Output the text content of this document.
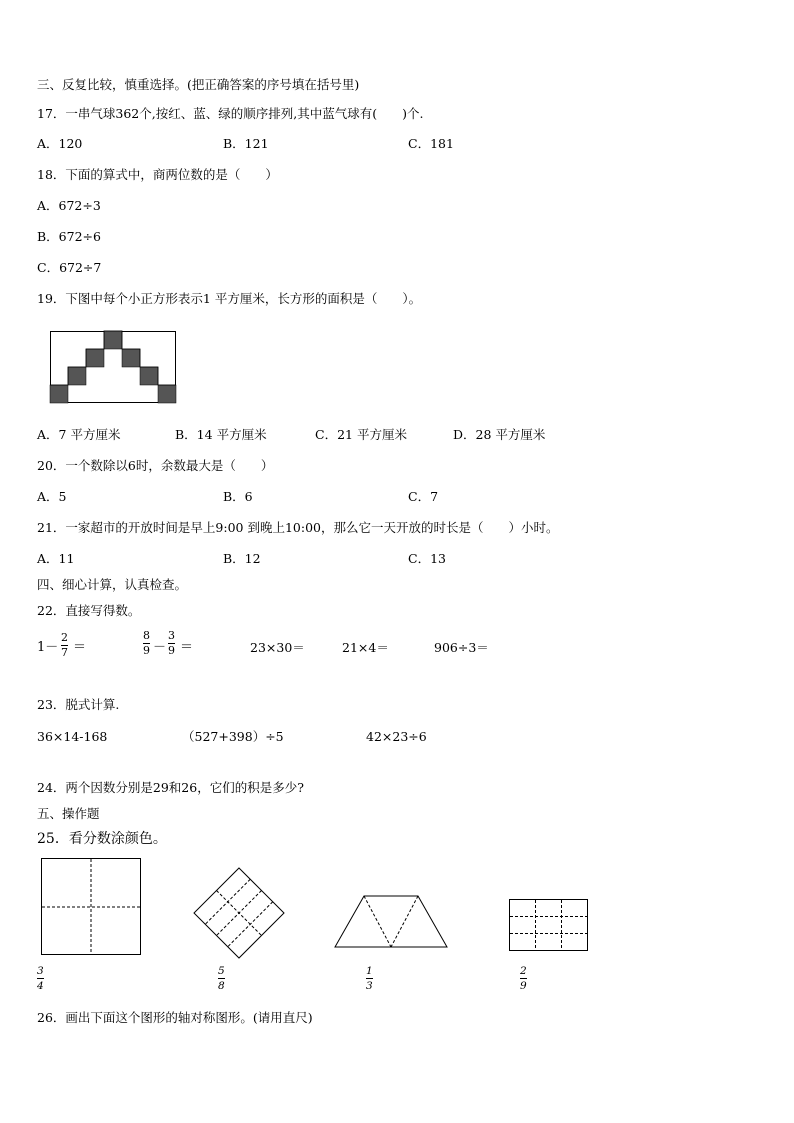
三、反复比较，慎重选择。(把正确答案的序号填在括号里)
17．一串气球362个,按红、蓝、绿的顺序排列,其中蓝气球有(　　)个.
A．120	B．121	C．181
18．下面的算式中，商两位数的是（　　）
A．672÷3
B．672÷6
C．672÷7
19．下图中每个小正方形表示1 平方厘米，长方形的面积是（　　）。
A．7 平方厘米	B．14 平方厘米	C．21 平方厘米	D．28 平方厘米
20．一个数除以6时，余数最大是（　　）
A．5	B．6	C．7
21．一家超市的开放时间是早上9:00 到晚上10:00，那么它一天开放的时长是（　　）小时。
A．11	B．12	C．13
四、细心计算，认真检查。
22．直接写得数。
1－
2
7 ＝
8
9 －
3
9 ＝	23×30＝	21×4＝	906÷3＝
23．脱式计算.
36×14-168	（527+398）÷5	42×23÷6
24．两个因数分别是29和26，它们的积是多少?
五、操作题
25．看分数涂颜色。
3
4
5
8
1
3
2
9
26．画出下面这个图形的轴对称图形。(请用直尺)
